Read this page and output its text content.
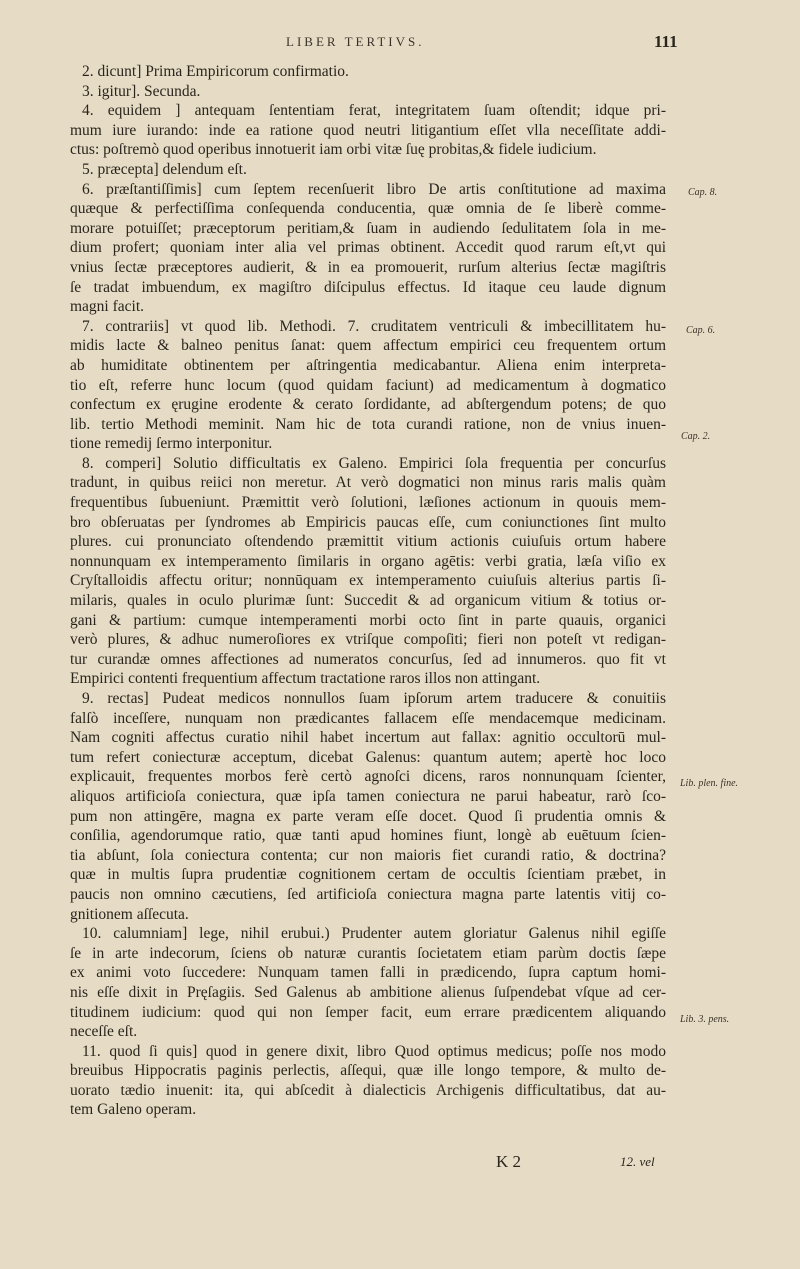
LIBER TERTIVS.	111
2. dicunt] Prima Empiricorum confirmatio.
3. igitur]. Secunda.
4. equidem ] antequam ſententiam ferat, integritatem ſuam oſtendit; idque pri-
mum iure iurando: inde ea ratione quod neutri litigantium eſſet vlla neceſſitate addi-
ctus: poſtremò quod operibus innotuerit iam orbi vitæ ſuę probitas,& fidele iudicium.
5. præcepta] delendum eſt.
6. præſtantiſſimis] cum ſeptem recenſuerit libro De artis conſtitutione ad maxima
quæque & perfectiſſima conſequenda conducentia, quæ omnia de ſe liberè comme-
morare potuiſſet; præceptorum peritiam,& ſuam in audiendo ſedulitatem ſola in me-
dium profert; quoniam inter alia vel primas obtinent. Accedit quod rarum eſt,vt qui
vnius ſectæ præceptores audierit, & in ea promouerit, rurſum alterius ſectæ magiſtris
ſe tradat imbuendum, ex magiſtro diſcipulus effectus. Id itaque ceu laude dignum
magni facit.
7. contrariis] vt quod lib. Methodi. 7. cruditatem ventriculi & imbecillitatem hu-
midis lacte & balneo penitus ſanat: quem affectum empirici ceu frequentem ortum
ab humiditate obtinentem per aſtringentia medicabantur. Aliena enim interpreta-
tio eſt, referre hunc locum (quod quidam faciunt) ad medicamentum à dogmatico
confectum ex ęrugine erodente & cerato ſordidante, ad abſtergendum potens; de quo
lib. tertio Methodi meminit. Nam hic de tota curandi ratione, non de vnius inuen-
tione remedij ſermo interponitur.
8. comperi] Solutio difficultatis ex Galeno. Empirici ſola frequentia per concurſus
tradunt, in quibus reiici non meretur. At verò dogmatici non minus raris malis quàm
frequentibus ſubueniunt. Præmittit verò ſolutioni, læſiones actionum in quouis mem-
bro obſeruatas per ſyndromes ab Empiricis paucas eſſe, cum coniunctiones ſint multo
plures. cui pronunciato oſtendendo præmittit vitium actionis cuiuſuis ortum habere
nonnunquam ex intemperamento ſimilaris in organo agētis: verbi gratia, læſa viſio ex
Cryſtalloidis affectu oritur; nonnūquam ex intemperamento cuiuſuis alterius partis ſi-
milaris, quales in oculo plurimæ ſunt: Succedit & ad organicum vitium & totius or-
gani & partium: cumque intemperamenti morbi octo ſint in parte quauis, organici
verò plures, & adhuc numeroſiores ex vtriſque compoſiti; fieri non poteſt vt redigan-
tur curandæ omnes affectiones ad numeratos concurſus, ſed ad innumeros. quo fit vt
Empirici contenti frequentium affectum tractatione raros illos non attingant.
9. rectas] Pudeat medicos nonnullos ſuam ipſorum artem traducere & conuitiis
falſò inceſſere, nunquam non prædicantes fallacem eſſe mendacemque medicinam.
Nam cogniti affectus curatio nihil habet incertum aut fallax: agnitio occultorū mul-
tum refert coniecturæ acceptum, dicebat Galenus: quantum autem; apertè hoc loco
explicauit, frequentes morbos ferè certò agnoſci dicens, raros nonnunquam ſcienter,
aliquos artificioſa coniectura, quæ ipſa tamen coniectura ne parui habeatur, rarò ſco-
pum non attingēre, magna ex parte veram eſſe docet. Quod ſi prudentia omnis &
conſilia, agendorumque ratio, quæ tanti apud homines fiunt, longè ab euētuum ſcien-
tia abſunt, ſola coniectura contenta; cur non maioris fiet curandi ratio, & doctrina?
quæ in multis ſupra prudentiæ cognitionem certam de occultis ſcientiam præbet, in
paucis non omnino cæcutiens, ſed artificioſa coniectura magna parte latentis vitij co-
gnitionem aſſecuta.
10. calumniam] lege, nihil erubui.) Prudenter autem gloriatur Galenus nihil egiſſe
ſe in arte indecorum, ſciens ob naturæ curantis ſocietatem etiam parùm doctis ſæpe
ex animi voto ſuccedere: Nunquam tamen falli in prædicendo, ſupra captum homi-
nis eſſe dixit in Pręſagiis. Sed Galenus ab ambitione alienus ſuſpendebat vſque ad cer-
titudinem iudicium: quod qui non ſemper facit, eum errare prædicentem aliquando
neceſſe eſt.
11. quod ſi quis] quod in genere dixit, libro Quod optimus medicus; poſſe nos modo
breuibus Hippocratis paginis perlectis, aſſequi, quæ ille longo tempore, & multo de-
uorato tædio inuenit: ita, qui abſcedit à dialecticis Archigenis difficultatibus, dat au-
tem Galeno operam.
Cap. 8.
Cap. 6.
Cap. 2.
Lib. plen. fine.
Lib. 3. pens.
K 2	12. vel
